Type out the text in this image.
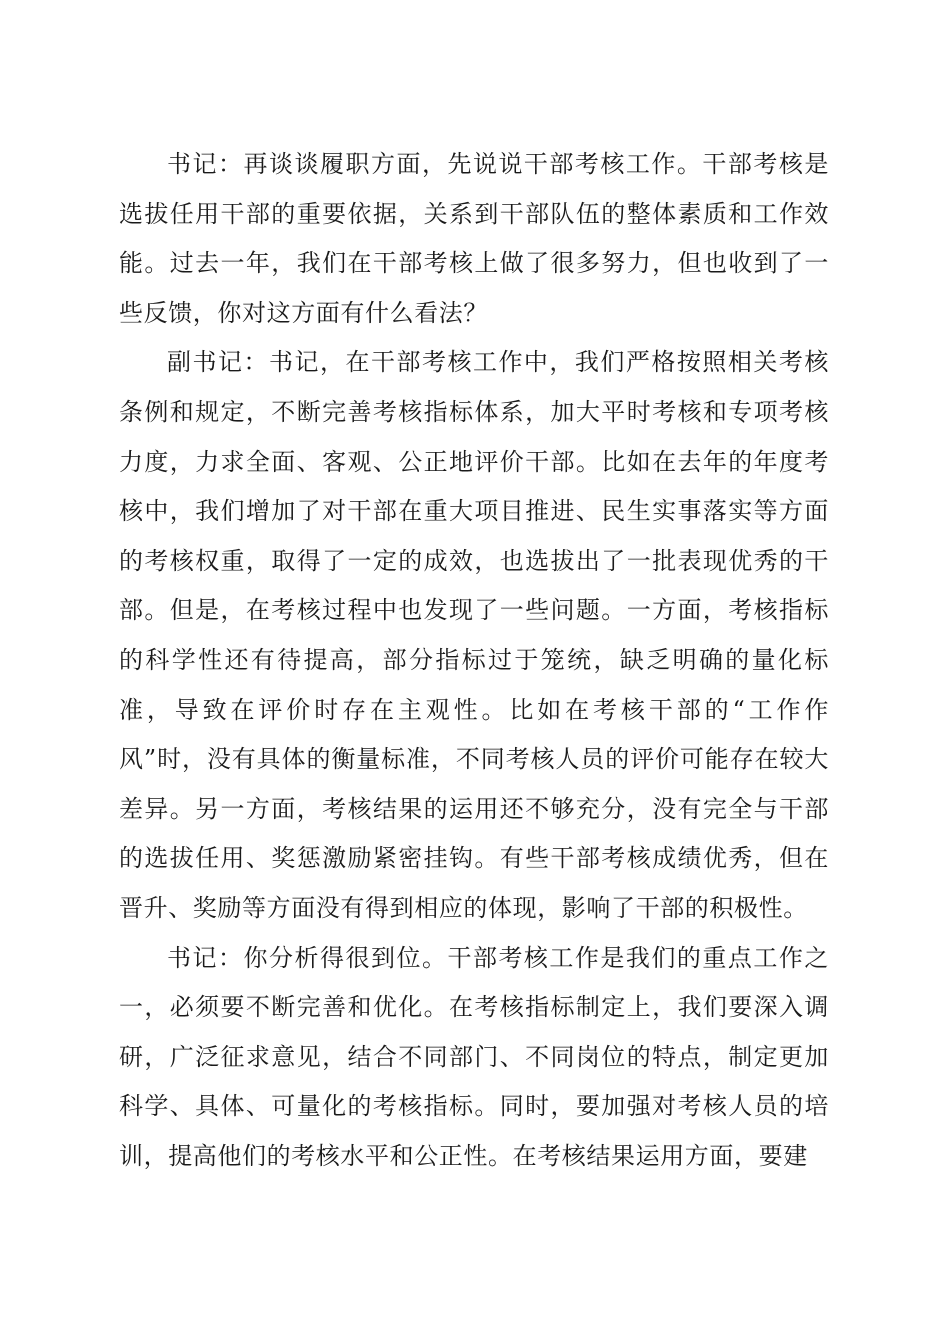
书记：再谈谈履职方面，先说说干部考核工作。干部考核是选拔任用干部的重要依据，关系到干部队伍的整体素质和工作效能。过去一年，我们在干部考核上做了很多努力，但也收到了一些反馈，你对这方面有什么看法？

副书记：书记，在干部考核工作中，我们严格按照相关考核条例和规定，不断完善考核指标体系，加大平时考核和专项考核力度，力求全面、客观、公正地评价干部。比如在去年的年度考核中，我们增加了对干部在重大项目推进、民生实事落实等方面的考核权重，取得了一定的成效，也选拔出了一批表现优秀的干部。但是，在考核过程中也发现了一些问题。一方面，考核指标的科学性还有待提高，部分指标过于笼统，缺乏明确的量化标准，导致在评价时存在主观性。比如在考核干部的“工作作风”时，没有具体的衡量标准，不同考核人员的评价可能存在较大差异。另一方面，考核结果的运用还不够充分，没有完全与干部的选拔任用、奖惩激励紧密挂钩。有些干部考核成绩优秀，但在晋升、奖励等方面没有得到相应的体现，影响了干部的积极性。

书记：你分析得很到位。干部考核工作是我们的重点工作之一，必须要不断完善和优化。在考核指标制定上，我们要深入调研，广泛征求意见，结合不同部门、不同岗位的特点，制定更加科学、具体、可量化的考核指标。同时，要加强对考核人员的培训，提高他们的考核水平和公正性。在考核结果运用方面，要建
